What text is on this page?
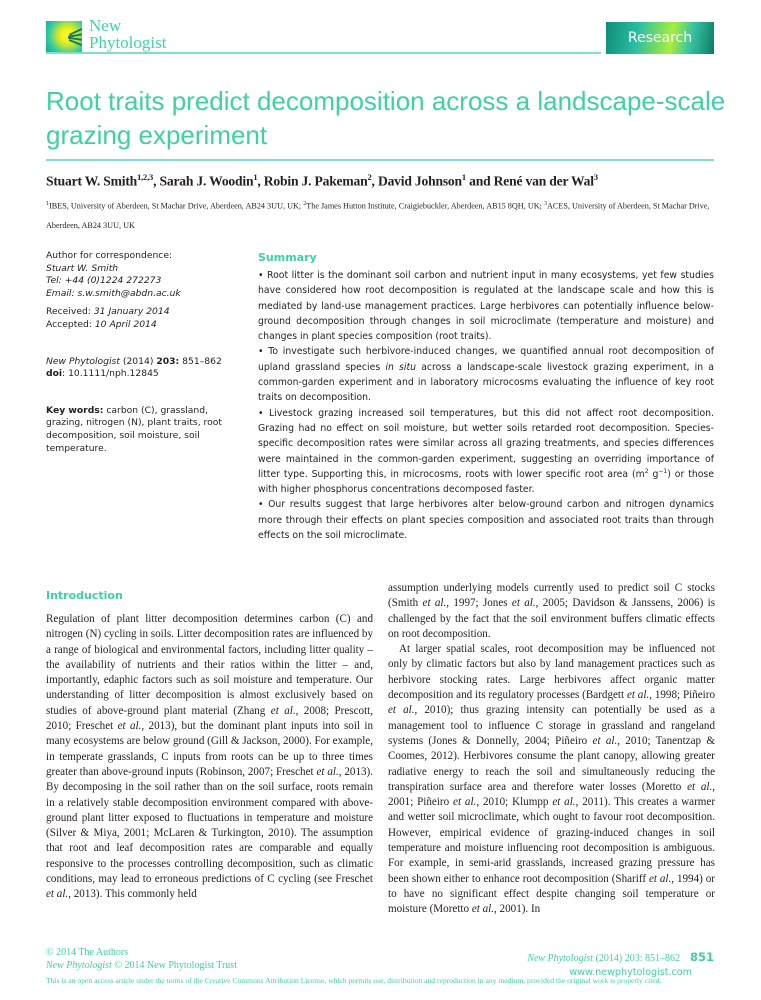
New
Phytologist	Research
Root traits predict decomposition across a landscape-scale grazing experiment
Stuart W. Smith$^{1,2,3}$, Sarah J. Woodin$^1$, Robin J. Pakeman$^2$, David Johnson$^1$ and René van der Wal$^3$
$^1$IBES, University of Aberdeen, St Machar Drive, Aberdeen, AB24 3UU, UK; $^2$The James Hutton Institute, Craigiebuckler, Aberdeen, AB15 8QH, UK; $^3$ACES, University of Aberdeen, St Machar Drive, Aberdeen, AB24 3UU, UK
Author for correspondence:
Stuart W. Smith
Tel: +44 (0)1224 272273
Email: s.w.smith@abdn.ac.uk
Received: 31 January 2014
Accepted: 10 April 2014
New Phytologist (2014) 203: 851–862
doi: 10.1111/nph.12845
Key words: carbon (C), grassland, grazing, nitrogen (N), plant traits, root decomposition, soil moisture, soil temperature.
Summary

• Root litter is the dominant soil carbon and nutrient input in many ecosystems, yet few studies have considered how root decomposition is regulated at the landscape scale and how this is mediated by land-use management practices. Large herbivores can potentially influence below-ground decomposition through changes in soil microclimate (temperature and moisture) and changes in plant species composition (root traits).

• To investigate such herbivore-induced changes, we quantified annual root decomposition of upland grassland species in situ across a landscape-scale livestock grazing experiment, in a common-garden experiment and in laboratory microcosms evaluating the influence of key root traits on decomposition.

• Livestock grazing increased soil temperatures, but this did not affect root decomposition. Grazing had no effect on soil moisture, but wetter soils retarded root decomposition. Species-specific decomposition rates were similar across all grazing treatments, and species differences were maintained in the common-garden experiment, suggesting an overriding importance of litter type. Supporting this, in microcosms, roots with lower specific root area ($m^2$ $g^{-1}$) or those with higher phosphorus concentrations decomposed faster.

• Our results suggest that large herbivores alter below-ground carbon and nitrogen dynamics more through their effects on plant species composition and associated root traits than through effects on the soil microclimate.

Introduction

Regulation of plant litter decomposition determines carbon (C) and nitrogen (N) cycling in soils. Litter decomposition rates are influenced by a range of biological and environmental factors, including litter quality – the availability of nutrients and their ratios within the litter – and, importantly, edaphic factors such as soil moisture and temperature. Our understanding of litter decomposition is almost exclusively based on studies of above-ground plant material (Zhang et al., 2008; Prescott, 2010; Freschet et al., 2013), but the dominant plant inputs into soil in many ecosystems are below ground (Gill & Jackson, 2000). For example, in temperate grasslands, C inputs from roots can be up to three times greater than above-ground inputs (Robinson, 2007; Freschet et al., 2013). By decomposing in the soil rather than on the soil surface, roots remain in a relatively stable decomposition environment compared with above-ground plant litter exposed to fluctuations in temperature and moisture (Silver & Miya, 2001; McLaren & Turkington, 2010). The assumption that root and leaf decomposition rates are comparable and equally responsive to the processes controlling decomposition, such as climatic conditions, may lead to erroneous predictions of C cycling (see Freschet et al., 2013). This commonly held

assumption underlying models currently used to predict soil C stocks (Smith et al., 1997; Jones et al., 2005; Davidson & Janssens, 2006) is challenged by the fact that the soil environment buffers climatic effects on root decomposition.

At larger spatial scales, root decomposition may be influenced not only by climatic factors but also by land management practices such as herbivore stocking rates. Large herbivores affect organic matter decomposition and its regulatory processes (Bardgett et al., 1998; Piñeiro et al., 2010); thus grazing intensity can potentially be used as a management tool to influence C storage in grassland and rangeland systems (Jones & Donnelly, 2004; Piñeiro et al., 2010; Tanentzap & Coomes, 2012). Herbivores consume the plant canopy, allowing greater radiative energy to reach the soil and simultaneously reducing the transpiration surface area and therefore water losses (Moretto et al., 2001; Piñeiro et al., 2010; Klumpp et al., 2011). This creates a warmer and wetter soil microclimate, which ought to favour root decomposition. However, empirical evidence of grazing-induced changes in soil temperature and moisture influencing root decomposition is ambiguous. For example, in semi-arid grasslands, increased grazing pressure has been shown either to enhance root decomposition (Shariff et al., 1994) or to have no significant effect despite changing soil temperature or moisture (Moretto et al., 2001). In

© 2014 The Authors
New Phytologist © 2014 New Phytologist Trust
This is an open access article under the terms of the Creative Commons Attribution License, which permits use, distribution and reproduction in any medium, provided the original work is properly cited.
New Phytologist (2014) 203: 851–862 851
www.newphytologist.com
